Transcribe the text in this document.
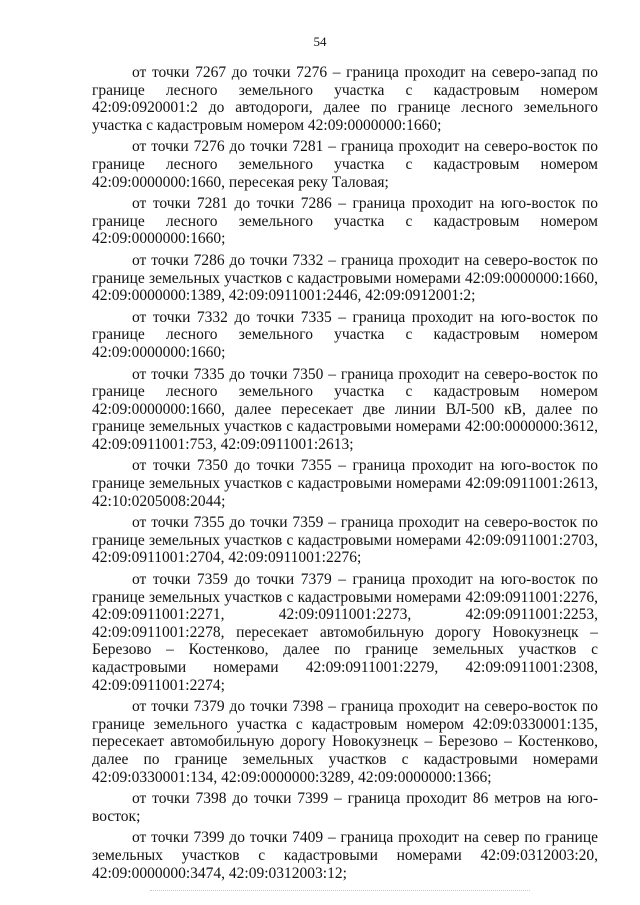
54

от точки 7267 до точки 7276 – граница проходит на северо-запад по границе лесного земельного участка с кадастровым номером 42:09:0920001:2 до автодороги, далее по границе лесного земельного участка с кадастровым номером 42:09:0000000:1660;

от точки 7276 до точки 7281 – граница проходит на северо-восток по границе лесного земельного участка с кадастровым номером 42:09:0000000:1660, пересекая реку Таловая;

от точки 7281 до точки 7286 – граница проходит на юго-восток по границе лесного земельного участка с кадастровым номером 42:09:0000000:1660;

от точки 7286 до точки 7332 – граница проходит на северо-восток по границе земельных участков с кадастровыми номерами 42:09:0000000:1660, 42:09:0000000:1389, 42:09:0911001:2446, 42:09:0912001:2;

от точки 7332 до точки 7335 – граница проходит на юго-восток по границе лесного земельного участка с кадастровым номером 42:09:0000000:1660;

от точки 7335 до точки 7350 – граница проходит на северо-восток по границе лесного земельного участка с кадастровым номером 42:09:0000000:1660, далее пересекает две линии ВЛ-500 кВ, далее по границе земельных участков с кадастровыми номерами 42:00:0000000:3612, 42:09:0911001:753, 42:09:0911001:2613;

от точки 7350 до точки 7355 – граница проходит на юго-восток по границе земельных участков с кадастровыми номерами 42:09:0911001:2613, 42:10:0205008:2044;

от точки 7355 до точки 7359 – граница проходит на северо-восток по границе земельных участков с кадастровыми номерами 42:09:0911001:2703, 42:09:0911001:2704, 42:09:0911001:2276;

от точки 7359 до точки 7379 – граница проходит на юго-восток по границе земельных участков с кадастровыми номерами 42:09:0911001:2276, 42:09:0911001:2271, 42:09:0911001:2273, 42:09:0911001:2253, 42:09:0911001:2278, пересекает автомобильную дорогу Новокузнецк – Березово – Костенково, далее по границе земельных участков с кадастровыми номерами 42:09:0911001:2279, 42:09:0911001:2308, 42:09:0911001:2274;

от точки 7379 до точки 7398 – граница проходит на северо-восток по границе земельного участка с кадастровым номером 42:09:0330001:135, пересекает автомобильную дорогу Новокузнецк – Березово – Костенково, далее по границе земельных участков с кадастровыми номерами 42:09:0330001:134, 42:09:0000000:3289, 42:09:0000000:1366;

от точки 7398 до точки 7399 – граница проходит 86 метров на юго-восток;

от точки 7399 до точки 7409 – граница проходит на север по границе земельных участков с кадастровыми номерами 42:09:0312003:20, 42:09:0000000:3474, 42:09:0312003:12;
